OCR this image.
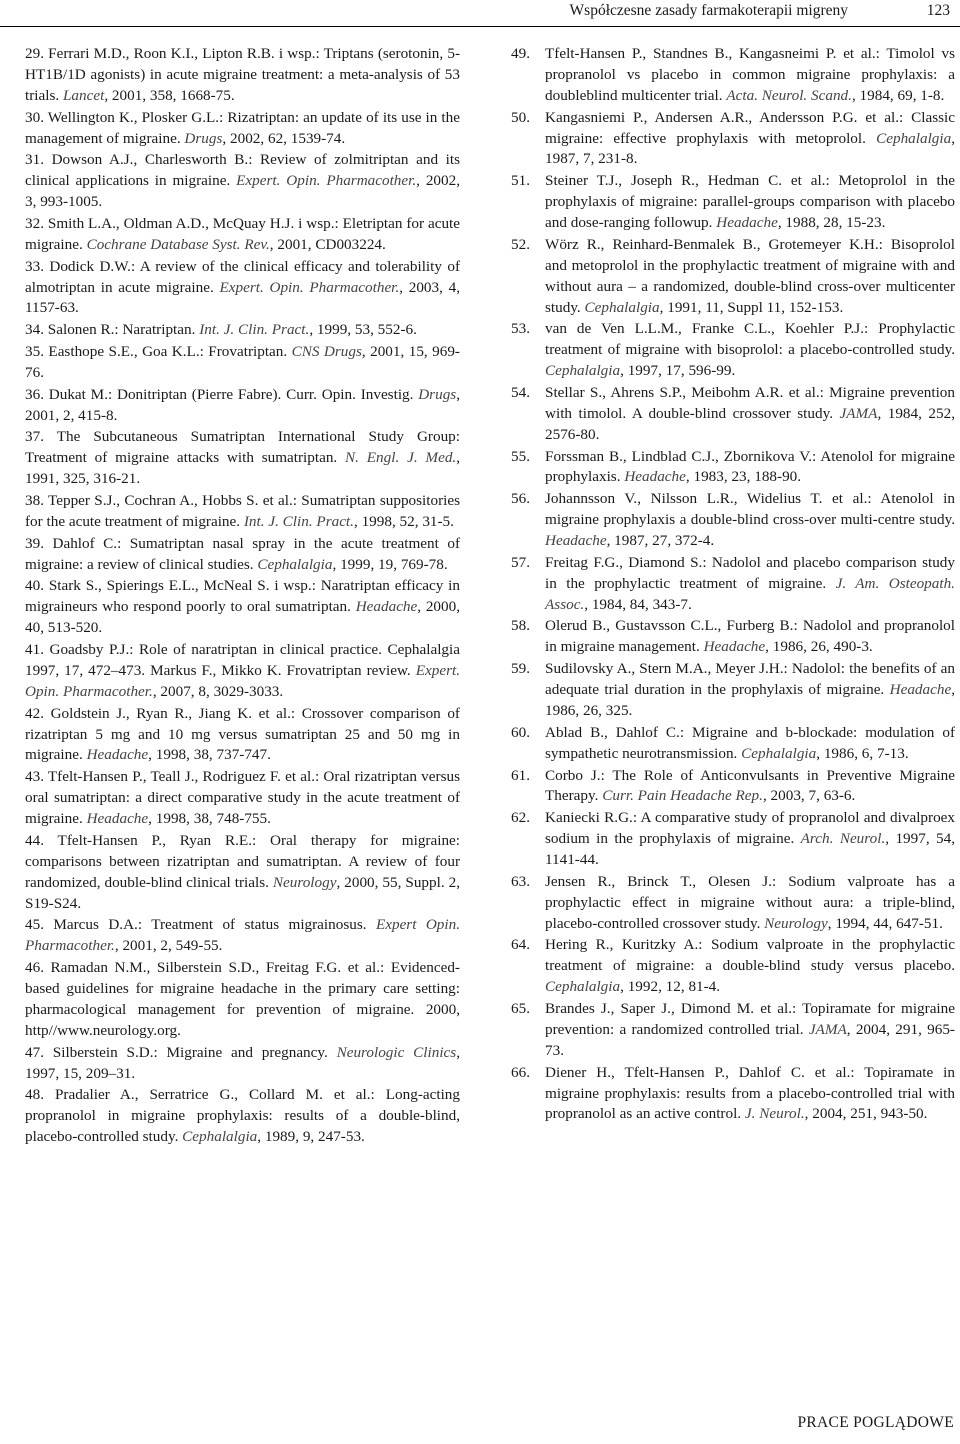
Współczesne zasady farmakoterapii migreny	123
29. Ferrari M.D., Roon K.I., Lipton R.B. i wsp.: Triptans (serotonin, 5-HT1B/1D agonists) in acute migraine treatment: a meta-analysis of 53 trials. Lancet, 2001, 358, 1668-75.
30. Wellington K., Plosker G.L.: Rizatriptan: an update of its use in the management of migraine. Drugs, 2002, 62, 1539-74.
31. Dowson A.J., Charlesworth B.: Review of zolmitriptan and its clinical applications in migraine. Expert. Opin. Pharmacother., 2002, 3, 993-1005.
32. Smith L.A., Oldman A.D., McQuay H.J. i wsp.: Eletriptan for acute migraine. Cochrane Database Syst. Rev., 2001, CD003224.
33. Dodick D.W.: A review of the clinical efficacy and tolerability of almotriptan in acute migraine. Expert. Opin. Pharmacother., 2003, 4, 1157-63.
34. Salonen R.: Naratriptan. Int. J. Clin. Pract., 1999, 53, 552-6.
35. Easthope S.E., Goa K.L.: Frovatriptan. CNS Drugs, 2001, 15, 969-76.
36. Dukat M.: Donitriptan (Pierre Fabre). Curr. Opin. Investig. Drugs, 2001, 2, 415-8.
37. The Subcutaneous Sumatriptan International Study Group: Treatment of migraine attacks with sumatriptan. N. Engl. J. Med., 1991, 325, 316-21.
38. Tepper S.J., Cochran A., Hobbs S. et al.: Sumatriptan suppositories for the acute treatment of migraine. Int. J. Clin. Pract., 1998, 52, 31-5.
39. Dahlof C.: Sumatriptan nasal spray in the acute treatment of migraine: a review of clinical studies. Cephalalgia, 1999, 19, 769-78.
40. Stark S., Spierings E.L., McNeal S. i wsp.: Naratriptan efficacy in migraineurs who respond poorly to oral sumatriptan. Headache, 2000, 40, 513-520.
41. Goadsby P.J.: Role of naratriptan in clinical practice. Cephalalgia 1997, 17, 472–473. Markus F., Mikko K. Frovatriptan review. Expert. Opin. Pharmacother., 2007, 8, 3029-3033.
42. Goldstein J., Ryan R., Jiang K. et al.: Crossover comparison of rizatriptan 5 mg and 10 mg versus sumatriptan 25 and 50 mg in migraine. Headache, 1998, 38, 737-747.
43. Tfelt-Hansen P., Teall J., Rodriguez F. et al.: Oral rizatriptan versus oral sumatriptan: a direct comparative study in the acute treatment of migraine. Headache, 1998, 38, 748-755.
44. Tfelt-Hansen P., Ryan R.E.: Oral therapy for migraine: comparisons between rizatriptan and sumatriptan. A review of four randomized, double-blind clinical trials. Neurology, 2000, 55, Suppl. 2, S19-S24.
45. Marcus D.A.: Treatment of status migrainosus. Expert Opin. Pharmacother., 2001, 2, 549-55.
46. Ramadan N.M., Silberstein S.D., Freitag F.G. et al.: Evidenced-based guidelines for migraine headache in the primary care setting: pharmacological management for prevention of migraine. 2000, http//www.neurology.org.
47. Silberstein S.D.: Migraine and pregnancy. Neurologic Clinics, 1997, 15, 209–31.
48. Pradalier A., Serratrice G., Collard M. et al.: Long-acting propranolol in migraine prophylaxis: results of a double-blind, placebo-controlled study. Cephalalgia, 1989, 9, 247-53.
49. Tfelt-Hansen P., Standnes B., Kangasneimi P. et al.: Timolol vs propranolol vs placebo in common migraine prophylaxis: a doubleblind multicenter trial. Acta. Neurol. Scand., 1984, 69, 1-8.
50. Kangasniemi P., Andersen A.R., Andersson P.G. et al.: Classic migraine: effective prophylaxis with metoprolol. Cephalalgia, 1987, 7, 231-8.
51. Steiner T.J., Joseph R., Hedman C. et al.: Metoprolol in the prophylaxis of migraine: parallel-groups comparison with placebo and dose-ranging followup. Headache, 1988, 28, 15-23.
52. Wörz R., Reinhard-Benmalek B., Grotemeyer K.H.: Bisoprolol and metoprolol in the prophylactic treatment of migraine with and without aura – a randomized, double-blind cross-over multicenter study. Cephalalgia, 1991, 11, Suppl 11, 152-153.
53. van de Ven L.L.M., Franke C.L., Koehler P.J.: Prophylactic treatment of migraine with bisoprolol: a placebo-controlled study. Cephalalgia, 1997, 17, 596-99.
54. Stellar S., Ahrens S.P., Meibohm A.R. et al.: Migraine prevention with timolol. A double-blind crossover study. JAMA, 1984, 252, 2576-80.
55. Forssman B., Lindblad C.J., Zbornikova V.: Atenolol for migraine prophylaxis. Headache, 1983, 23, 188-90.
56. Johannsson V., Nilsson L.R., Widelius T. et al.: Atenolol in migraine prophylaxis a double-blind cross-over multi-centre study. Headache, 1987, 27, 372-4.
57. Freitag F.G., Diamond S.: Nadolol and placebo comparison study in the prophylactic treatment of migraine. J. Am. Osteopath. Assoc., 1984, 84, 343-7.
58. Olerud B., Gustavsson C.L., Furberg B.: Nadolol and propranolol in migraine management. Headache, 1986, 26, 490-3.
59. Sudilovsky A., Stern M.A., Meyer J.H.: Nadolol: the benefits of an adequate trial duration in the prophylaxis of migraine. Headache, 1986, 26, 325.
60. Ablad B., Dahlof C.: Migraine and b-blockade: modulation of sympathetic neurotransmission. Cephalalgia, 1986, 6, 7-13.
61. Corbo J.: The Role of Anticonvulsants in Preventive Migraine Therapy. Curr. Pain Headache Rep., 2003, 7, 63-6.
62. Kaniecki R.G.: A comparative study of propranolol and divalproex sodium in the prophylaxis of migraine. Arch. Neurol., 1997, 54, 1141-44.
63. Jensen R., Brinck T., Olesen J.: Sodium valproate has a prophylactic effect in migraine without aura: a triple-blind, placebo-controlled crossover study. Neurology, 1994, 44, 647-51.
64. Hering R., Kuritzky A.: Sodium valproate in the prophylactic treatment of migraine: a double-blind study versus placebo. Cephalalgia, 1992, 12, 81-4.
65. Brandes J., Saper J., Dimond M. et al.: Topiramate for migraine prevention: a randomized controlled trial. JAMA, 2004, 291, 965-73.
66. Diener H., Tfelt-Hansen P., Dahlof C. et al.: Topiramate in migraine prophylaxis: results from a placebo-controlled trial with propranolol as an active control. J. Neurol., 2004, 251, 943-50.
PRACE POGLĄDOWE
